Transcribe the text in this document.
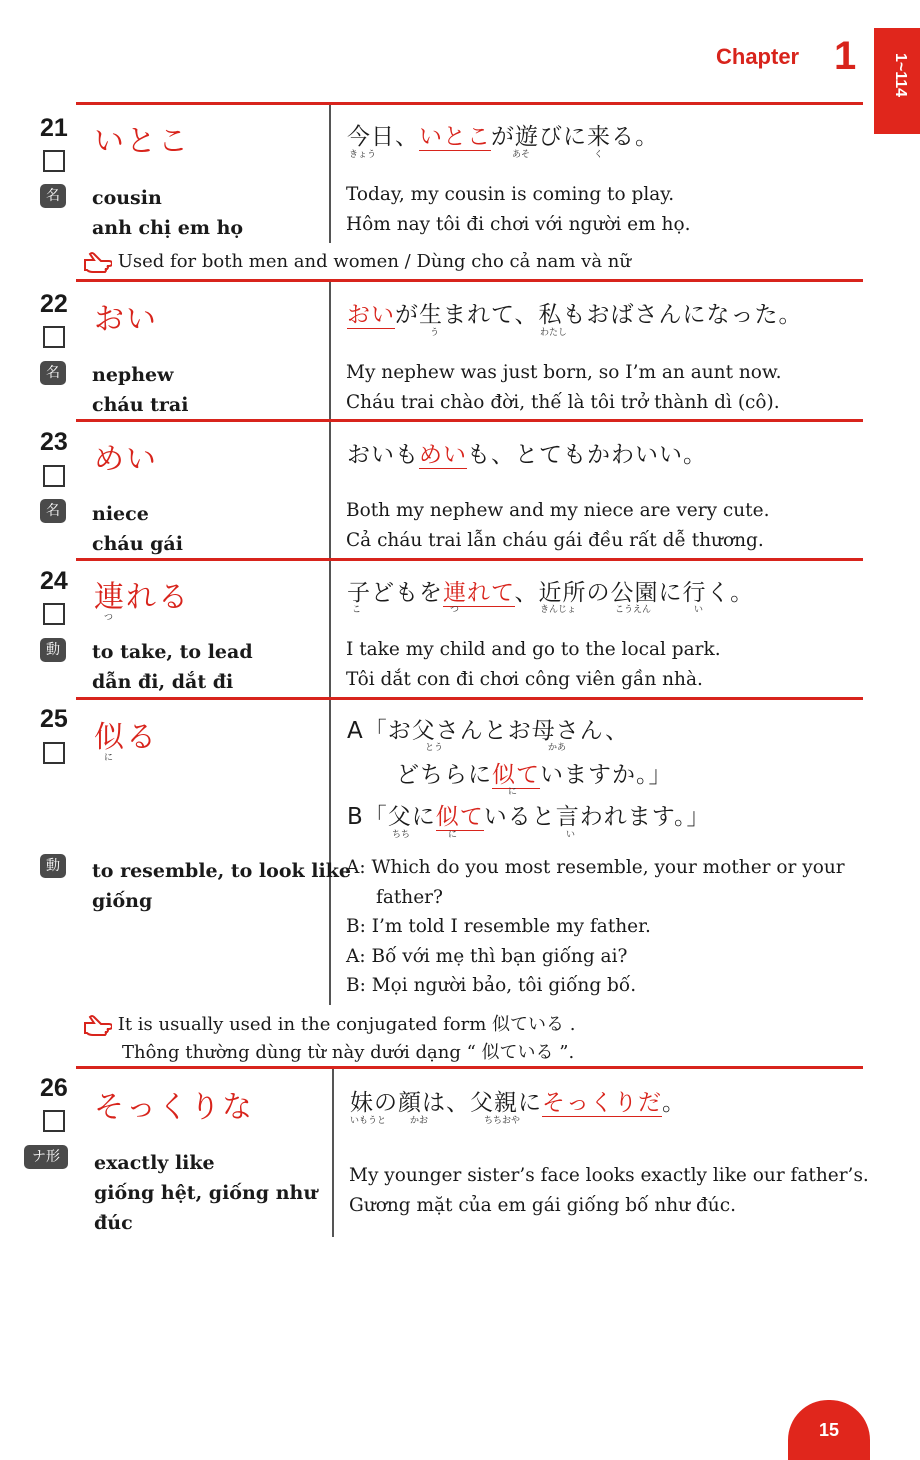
Chapter 1 1~114
21
名
いとこ
cousin
anh chị em họ
今日、いとこが遊びに来る。
きょう	あそ	く
Today, my cousin is coming to play.
Hôm nay tôi đi chơi với người em họ.
Used for both men and women / Dùng cho cả nam và nữ
22
名
おい
nephew
cháu trai
おいが生まれて、私もおばさんになった。
う	わたし
My nephew was just born, so I’m an aunt now.
Cháu trai chào đời, thế là tôi trở thành dì (cô).
23
名
めい
niece
cháu gái
おいもめいも、とてもかわいい。
Both my nephew and my niece are very cute.
Cả cháu trai lẫn cháu gái đều rất dễ thương.
24
動
連れる
つ
to take, to lead
dẫn đi, dắt đi
子どもを連れて、近所の公園に行く。
こ	つ	きんじょ	こうえん	い
I take my child and go to the local park.
Tôi dắt con đi chơi công viên gần nhà.
25
動
似る
に
to resemble, to look like
giống
A「お父さんとお母さん、
とう	かあ
どちらに似ていますか。」
に
B「父に似ていると言われます。」
ちち	に	い
A: Which do you most resemble, your mother or your
father?
B: I’m told I resemble my father.
A: Bố với mẹ thì bạn giống ai?
B: Mọi người bảo, tôi giống bố.
It is usually used in the conjugated form 似ている .
Thông thường dùng từ này dưới dạng “ 似ている ”.
26
ナ形
そっくりな
exactly like
giống hệt, giống như
đúc
妹の顔は、父親にそっくりだ。
いもうと	かお	ちちおや
My younger sister’s face looks exactly like our father’s.
Gương mặt của em gái giống bố như đúc.
15
